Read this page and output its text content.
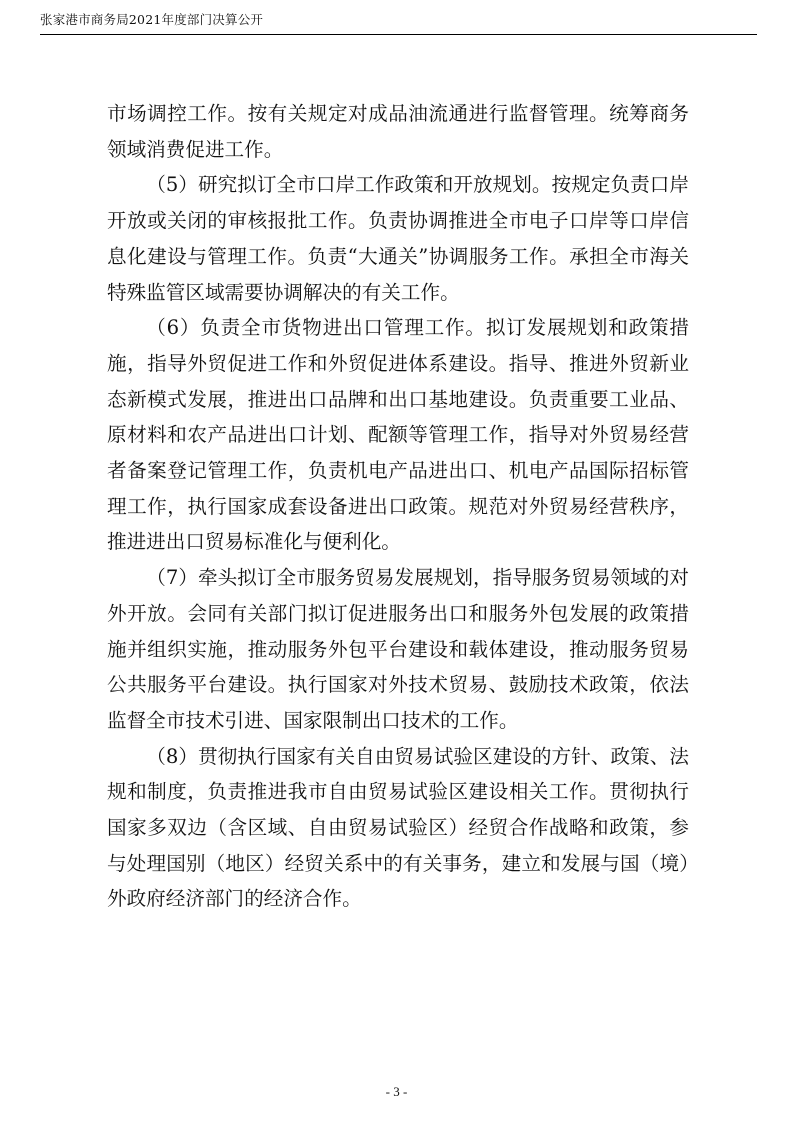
张家港市商务局2021年度部门决算公开

市场调控工作。按有关规定对成品油流通进行监督管理。统筹商务领域消费促进工作。

（5）研究拟订全市口岸工作政策和开放规划。按规定负责口岸开放或关闭的审核报批工作。负责协调推进全市电子口岸等口岸信息化建设与管理工作。负责“大通关”协调服务工作。承担全市海关特殊监管区域需要协调解决的有关工作。

（6）负责全市货物进出口管理工作。拟订发展规划和政策措施，指导外贸促进工作和外贸促进体系建设。指导、推进外贸新业态新模式发展，推进出口品牌和出口基地建设。负责重要工业品、原材料和农产品进出口计划、配额等管理工作，指导对外贸易经营者备案登记管理工作，负责机电产品进出口、机电产品国际招标管理工作，执行国家成套设备进出口政策。规范对外贸易经营秩序，推进进出口贸易标准化与便利化。

（7）牵头拟订全市服务贸易发展规划，指导服务贸易领域的对外开放。会同有关部门拟订促进服务出口和服务外包发展的政策措施并组织实施，推动服务外包平台建设和载体建设，推动服务贸易公共服务平台建设。执行国家对外技术贸易、鼓励技术政策，依法监督全市技术引进、国家限制出口技术的工作。

（8）贯彻执行国家有关自由贸易试验区建设的方针、政策、法规和制度，负责推进我市自由贸易试验区建设相关工作。贯彻执行国家多双边（含区域、自由贸易试验区）经贸合作战略和政策，参与处理国别（地区）经贸关系中的有关事务，建立和发展与国（境）外政府经济部门的经济合作。

- 3 -
